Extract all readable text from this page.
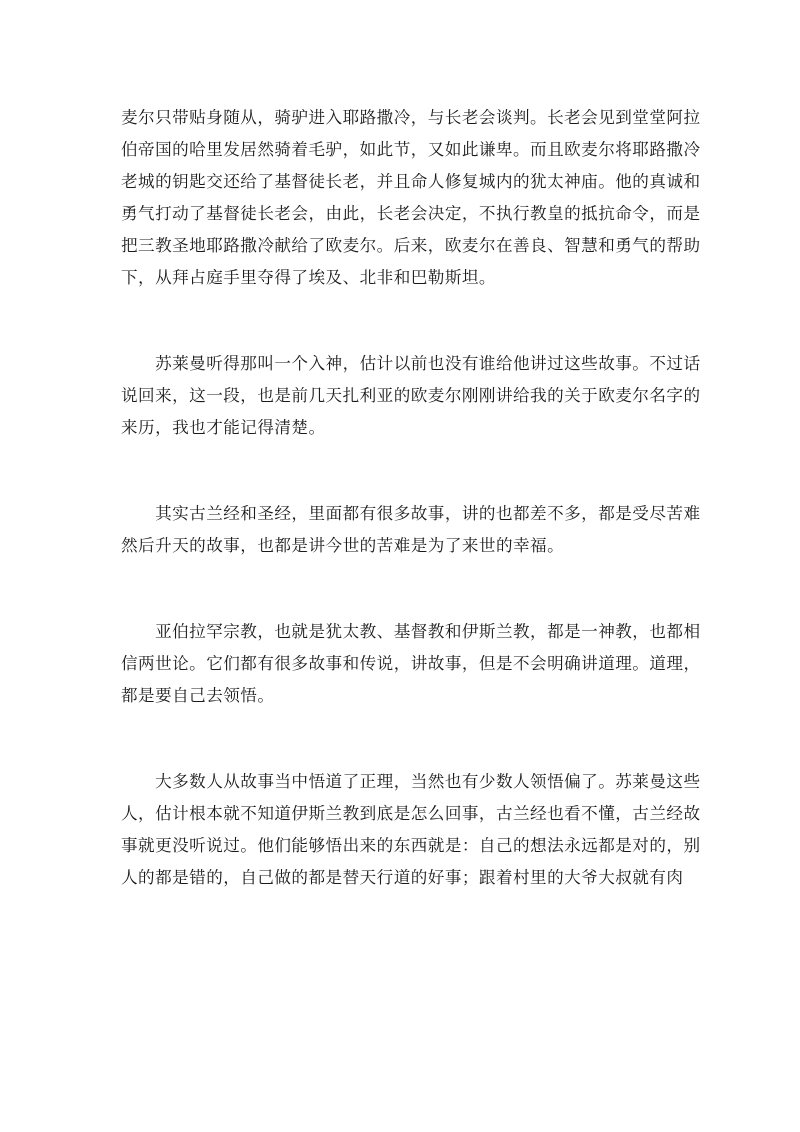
麦尔只带贴身随从，骑驴进入耶路撒冷，与长老会谈判。长老会见到堂堂阿拉
伯帝国的哈里发居然骑着毛驴，如此节，又如此谦卑。而且欧麦尔将耶路撒冷
老城的钥匙交还给了基督徒长老，并且命人修复城内的犹太神庙。他的真诚和
勇气打动了基督徒长老会，由此，长老会决定，不执行教皇的抵抗命令，而是
把三教圣地耶路撒冷献给了欧麦尔。后来，欧麦尔在善良、智慧和勇气的帮助
下，从拜占庭手里夺得了埃及、北非和巴勒斯坦。
　　苏莱曼听得那叫一个入神，估计以前也没有谁给他讲过这些故事。不过话
说回来，这一段，也是前几天扎利亚的欧麦尔刚刚讲给我的关于欧麦尔名字的
来历，我也才能记得清楚。
　　其实古兰经和圣经，里面都有很多故事，讲的也都差不多，都是受尽苦难
然后升天的故事，也都是讲今世的苦难是为了来世的幸福。
　　亚伯拉罕宗教，也就是犹太教、基督教和伊斯兰教，都是一神教，也都相
信两世论。它们都有很多故事和传说，讲故事，但是不会明确讲道理。道理，
都是要自己去领悟。
　　大多数人从故事当中悟道了正理，当然也有少数人领悟偏了。苏莱曼这些
人，估计根本就不知道伊斯兰教到底是怎么回事，古兰经也看不懂，古兰经故
事就更没听说过。他们能够悟出来的东西就是：自己的想法永远都是对的，别
人的都是错的，自己做的都是替天行道的好事；跟着村里的大爷大叔就有肉
